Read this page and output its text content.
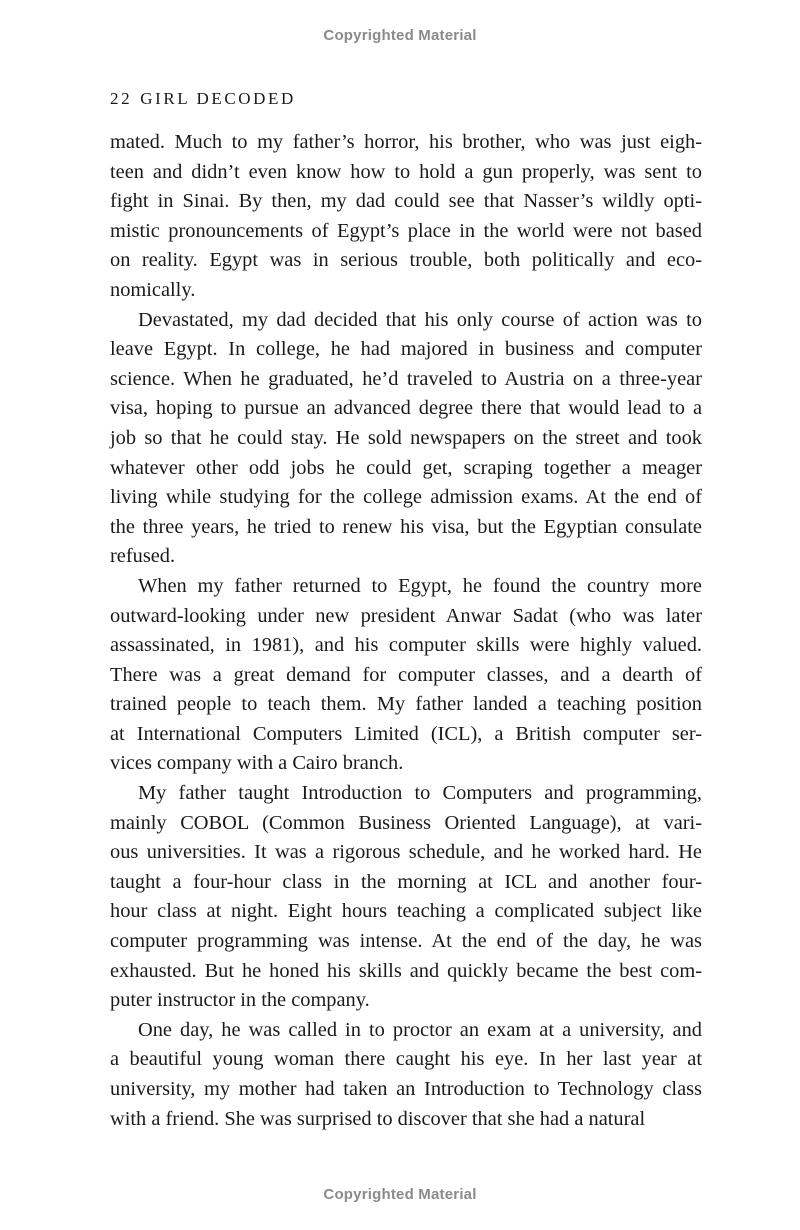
Copyrighted Material
22 GIRL DECODED

mated. Much to my father’s horror, his brother, who was just eigh-

teen and didn’t even know how to hold a gun properly, was sent to

fight in Sinai. By then, my dad could see that Nasser’s wildly opti-

mistic pronouncements of Egypt’s place in the world were not based

on reality. Egypt was in serious trouble, both politically and eco-

nomically.

Devastated, my dad decided that his only course of action was to

leave Egypt. In college, he had majored in business and computer

science. When he graduated, he’d traveled to Austria on a three-year

visa, hoping to pursue an advanced degree there that would lead to a

job so that he could stay. He sold newspapers on the street and took

whatever other odd jobs he could get, scraping together a meager

living while studying for the college admission exams. At the end of

the three years, he tried to renew his visa, but the Egyptian consulate

refused.

When my father returned to Egypt, he found the country more

outward-looking under new president Anwar Sadat (who was later

assassinated, in 1981), and his computer skills were highly valued.

There was a great demand for computer classes, and a dearth of

trained people to teach them. My father landed a teaching position

at International Computers Limited (ICL), a British computer ser-

vices company with a Cairo branch.

My father taught Introduction to Computers and programming,

mainly COBOL (Common Business Oriented Language), at vari-

ous universities. It was a rigorous schedule, and he worked hard. He

taught a four-hour class in the morning at ICL and another four-

hour class at night. Eight hours teaching a complicated subject like

computer programming was intense. At the end of the day, he was

exhausted. But he honed his skills and quickly became the best com-

puter instructor in the company.

One day, he was called in to proctor an exam at a university, and

a beautiful young woman there caught his eye. In her last year at

university, my mother had taken an Introduction to Technology class

with a friend. She was surprised to discover that she had a natural

Copyrighted Material
